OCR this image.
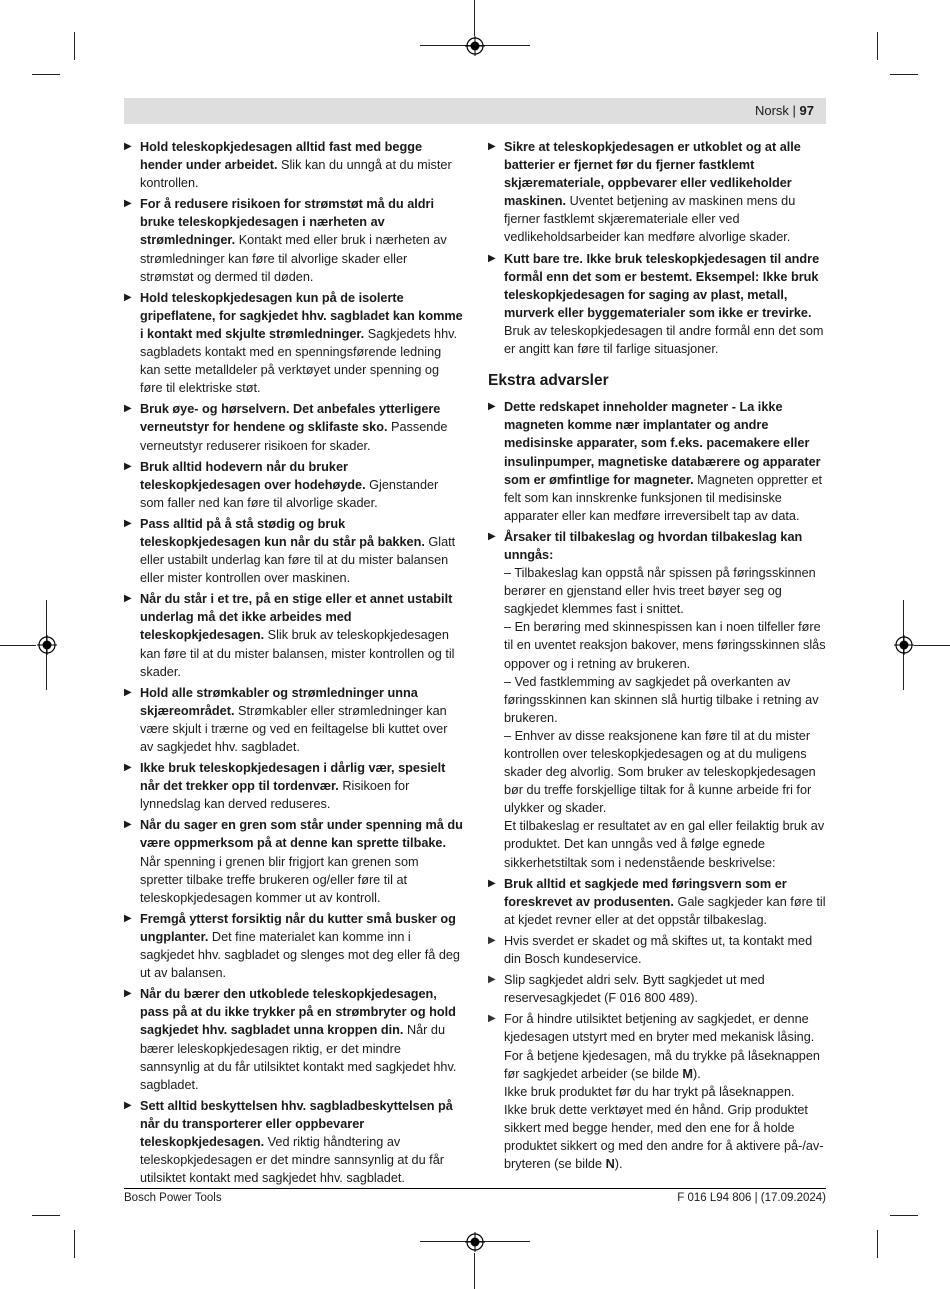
Norsk | 97
▶ Hold teleskopkjedesagen alltid fast med begge hender under arbeidet. Slik kan du unngå at du mister kontrollen.
▶ For å redusere risikoen for strømstøt må du aldri bruke teleskopkjedesagen i nærheten av strømledninger. Kontakt med eller bruk i nærheten av strømledninger kan føre til alvorlige skader eller strømstøt og dermed til døden.
▶ Hold teleskopkjedesagen kun på de isolerte gripeflatene, for sagkjedet hhv. sagbladet kan komme i kontakt med skjulte strømledninger. Sagkjedets hhv. sagbladets kontakt med en spenningsførende ledning kan sette metalldeler på verktøyet under spenning og føre til elektriske støt.
▶ Bruk øye- og hørselvern. Det anbefales ytterligere verneutstyr for hendene og sklifaste sko. Passende verneutstyr reduserer risikoen for skader.
▶ Bruk alltid hodevern når du bruker teleskopkjedesagen over hodehøyde. Gjenstander som faller ned kan føre til alvorlige skader.
▶ Pass alltid på å stå stødig og bruk teleskopkjedesagen kun når du står på bakken. Glatt eller ustabilt underlag kan føre til at du mister balansen eller mister kontrollen over maskinen.
▶ Når du står i et tre, på en stige eller et annet ustabilt underlag må det ikke arbeides med teleskopkjedesagen. Slik bruk av teleskopkjedesagen kan føre til at du mister balansen, mister kontrollen og til skader.
▶ Hold alle strømkabler og strømledninger unna skjæreområdet. Strømkabler eller strømledninger kan være skjult i trærne og ved en feiltagelse bli kuttet over av sagkjedet hhv. sagbladet.
▶ Ikke bruk teleskopkjedesagen i dårlig vær, spesielt når det trekker opp til tordenvær. Risikoen for lynnedslag kan derved reduseres.
▶ Når du sager en gren som står under spenning må du være oppmerksom på at denne kan sprette tilbake. Når spenning i grenen blir frigjort kan grenen som spretter tilbake treffe brukeren og/eller føre til at teleskopkjedesagen kommer ut av kontroll.
▶ Fremgå ytterst forsiktig når du kutter små busker og ungplanter. Det fine materialet kan komme inn i sagkjedet hhv. sagbladet og slenges mot deg eller få deg ut av balansen.
▶ Når du bærer den utkoblede teleskopkjedesagen, pass på at du ikke trykker på en strømbryter og hold sagkjedet hhv. sagbladet unna kroppen din. Når du bærer leleskopkjedesagen riktig, er det mindre sannsynlig at du får utilsiktet kontakt med sagkjedet hhv. sagbladet.
▶ Sett alltid beskyttelsen hhv. sagbladbeskyttelsen på når du transporterer eller oppbevarer teleskopkjedesagen. Ved riktig håndtering av teleskopkjedesagen er det mindre sannsynlig at du får utilsiktet kontakt med sagkjedet hhv. sagbladet.
▶ Sikre at teleskopkjedesagen er utkoblet og at alle batterier er fjernet før du fjerner fastklemt skjæremateriale, oppbevarer eller vedlikeholder maskinen. Uventet betjening av maskinen mens du fjerner fastklemt skjæremateriale eller ved vedlikeholdsarbeider kan medføre alvorlige skader.
▶ Kutt bare tre. Ikke bruk teleskopkjedesagen til andre formål enn det som er bestemt. Eksempel: Ikke bruk teleskopkjedesagen for saging av plast, metall, murverk eller byggematerialer som ikke er trevirke. Bruk av teleskopkjedesagen til andre formål enn det som er angitt kan føre til farlige situasjoner.
Ekstra advarsler
▶ Dette redskapet inneholder magneter - La ikke magneten komme nær implantater og andre medisinske apparater, som f.eks. pacemakere eller insulinpumper, magnetiske databærere og apparater som er ømfintlige for magneter. Magneten oppretter et felt som kan innskrenke funksjonen til medisinske apparater eller kan medføre irreversibelt tap av data.
▶ Årsaker til tilbakeslag og hvordan tilbakeslag kan unngås:
– Tilbakeslag kan oppstå når spissen på føringsskinnen berører en gjenstand eller hvis treet bøyer seg og sagkjedet klemmes fast i snittet.
– En berøring med skinnespissen kan i noen tilfeller føre til en uventet reaksjon bakover, mens føringsskinnen slås oppover og i retning av brukeren.
– Ved fastklemming av sagkjedet på overkanten av føringsskinnen kan skinnen slå hurtig tilbake i retning av brukeren.
– Enhver av disse reaksjonene kan føre til at du mister kontrollen over teleskopkjedesagen og at du muligens skader deg alvorlig. Som bruker av teleskopkjedesagen bør du treffe forskjellige tiltak for å kunne arbeide fri for ulykker og skader.
Et tilbakeslag er resultatet av en gal eller feilaktig bruk av produktet. Det kan unngås ved å følge egnede sikkerhetstiltak som i nedenstående beskrivelse:
▶ Bruk alltid et sagkjede med føringsvern som er foreskrevet av produsenten. Gale sagkjeder kan føre til at kjedet revner eller at det oppstår tilbakeslag.
▶ Hvis sverdet er skadet og må skiftes ut, ta kontakt med din Bosch kundeservice.
▶ Slip sagkjedet aldri selv. Bytt sagkjedet ut med reservesagkjedet (F 016 800 489).
▶ For å hindre utilsiktet betjening av sagkjedet, er denne kjedesagen utstyrt med en bryter med mekanisk låsing. For å betjene kjedesagen, må du trykke på låseknappen før sagkjedet arbeider (se bilde M).
Ikke bruk produktet før du har trykt på låseknappen.
Ikke bruk dette verktøyet med én hånd. Grip produktet sikkert med begge hender, med den ene for å holde produktet sikkert og med den andre for å aktivere på-/av-bryteren (se bilde N).
Bosch Power Tools	F 016 L94 806 | (17.09.2024)
